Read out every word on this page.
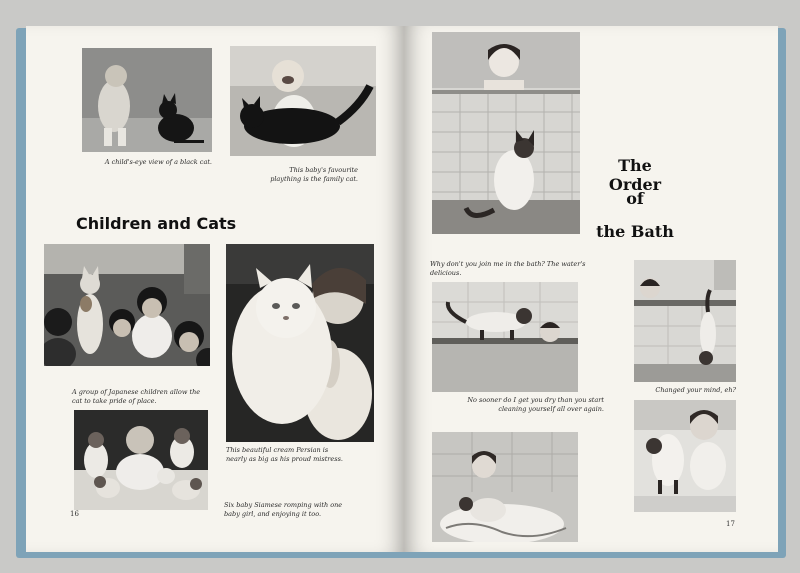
A child's-eye view of a black cat.
This baby's favourite plaything is the family cat.
Children and Cats
A group of Japanese children allow the cat to take pride of place.
This beautiful cream Persian is nearly as big as his proud mistress.
Six baby Siamese romping with one baby girl, and enjoying it too.
16
The Order
of
the Bath
Why don't you join me in the bath? The water's delicious.
No sooner do I get you dry than you start cleaning yourself all over again.
Changed your mind, eh?
17
